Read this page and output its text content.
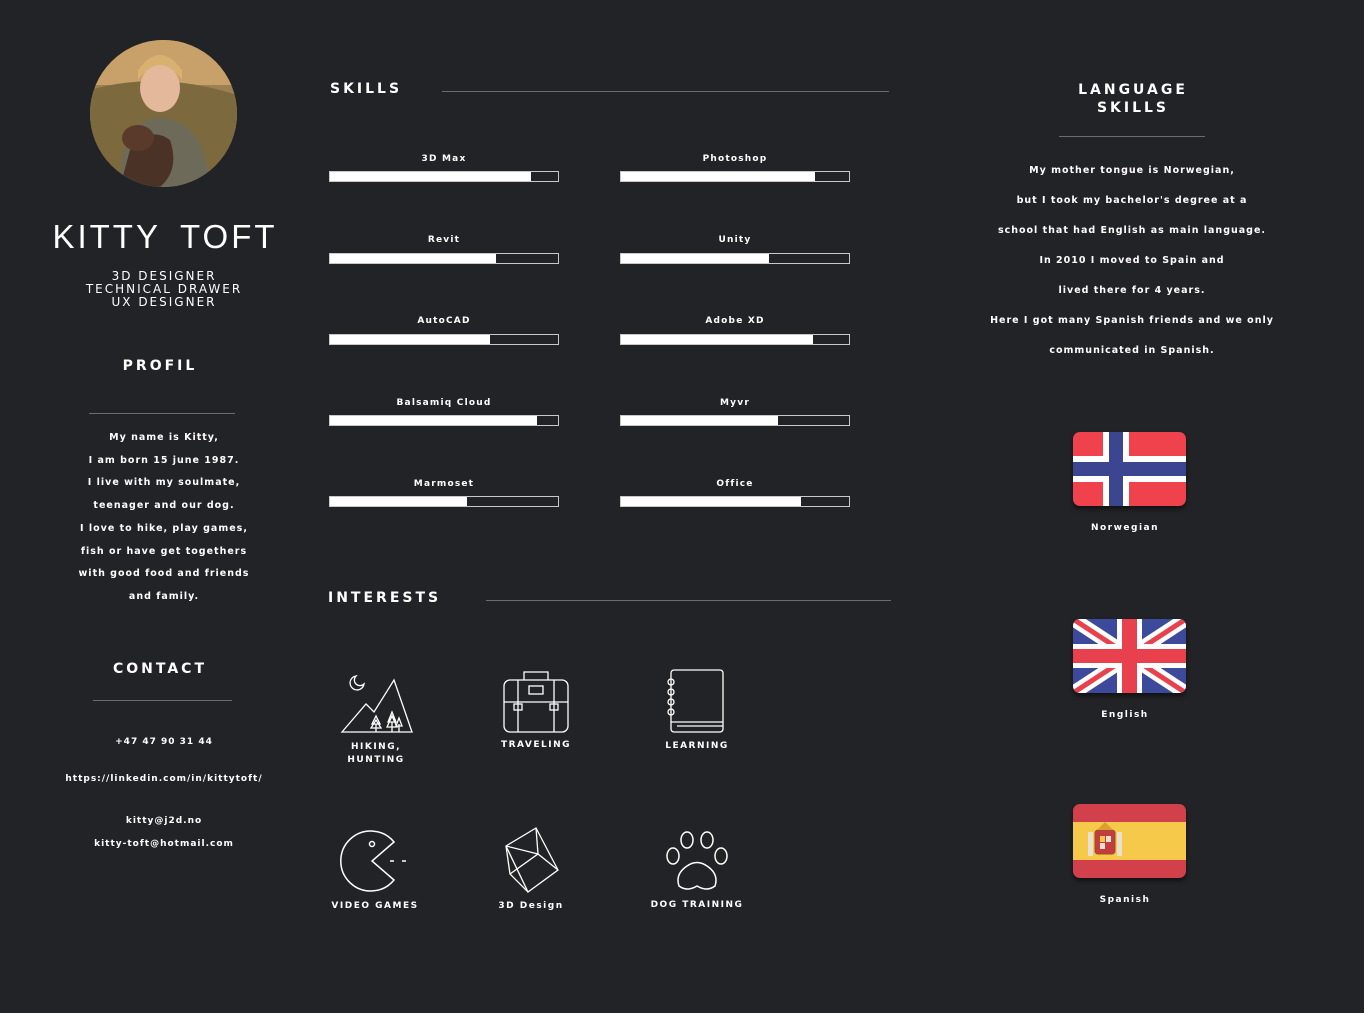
KITTY TOFT
3D DESIGNER
TECHNICAL DRAWER
UX DESIGNER
PROFIL

My name is Kitty,

I am born 15 june 1987.

I live with my soulmate,

teenager and our dog.

I love to hike, play games,

fish or have get togethers

with good food and friends

and family.

CONTACT
+47 47 90 31 44
https://linkedin.com/in/kittytoft/
kitty@j2d.no
kitty-toft@hotmail.com
SKILLS
3D Max	Photoshop
Revit	Unity
AutoCAD	Adobe XD
Balsamiq Cloud	Myvr
Marmoset	Office
INTERESTS
HIKING,
HUNTING
TRAVELING	LEARNING
VIDEO GAMES	3D Design	DOG TRAINING
LANGUAGE
SKILLS

My mother tongue is Norwegian,

but I took my bachelor's degree at a

school that had English as main language.

In 2010 I moved to Spain and

lived there for 4 years.

Here I got many Spanish friends and we only

communicated in Spanish.

Norwegian
English
Spanish
